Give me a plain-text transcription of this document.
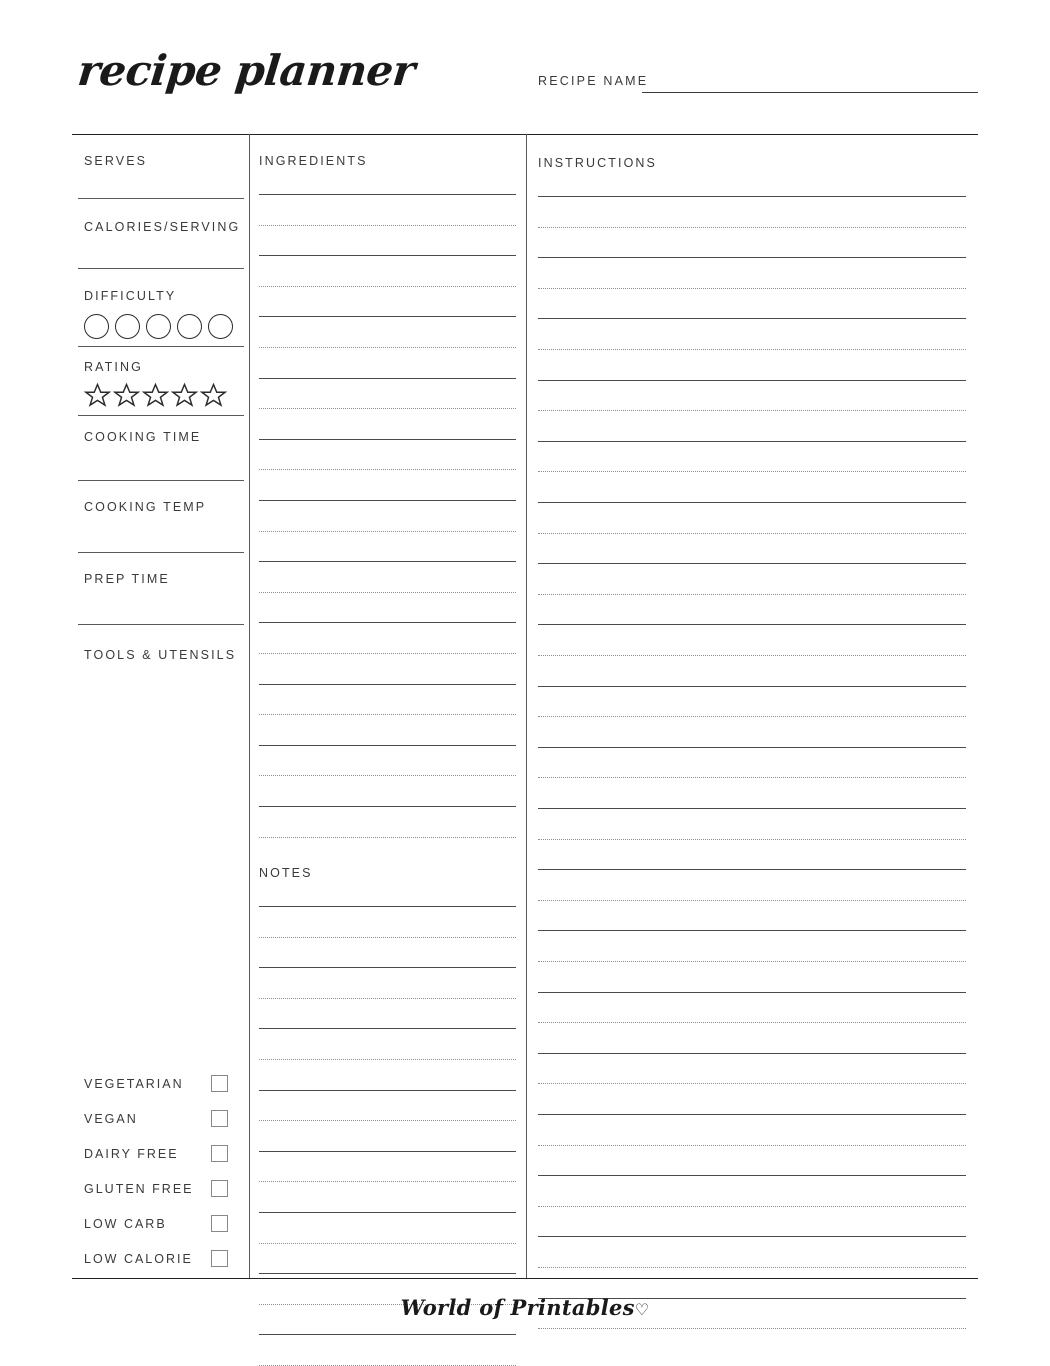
recipe planner	RECIPE NAME
SERVES
CALORIES/SERVING
DIFFICULTY
RATING
COOKING TIME
COOKING TEMP
PREP TIME
TOOLS & UTENSILS
VEGETARIAN
VEGAN
DAIRY FREE
GLUTEN FREE
LOW CARB
LOW CALORIE
INGREDIENTS
NOTES
INSTRUCTIONS
World of Printables♡
